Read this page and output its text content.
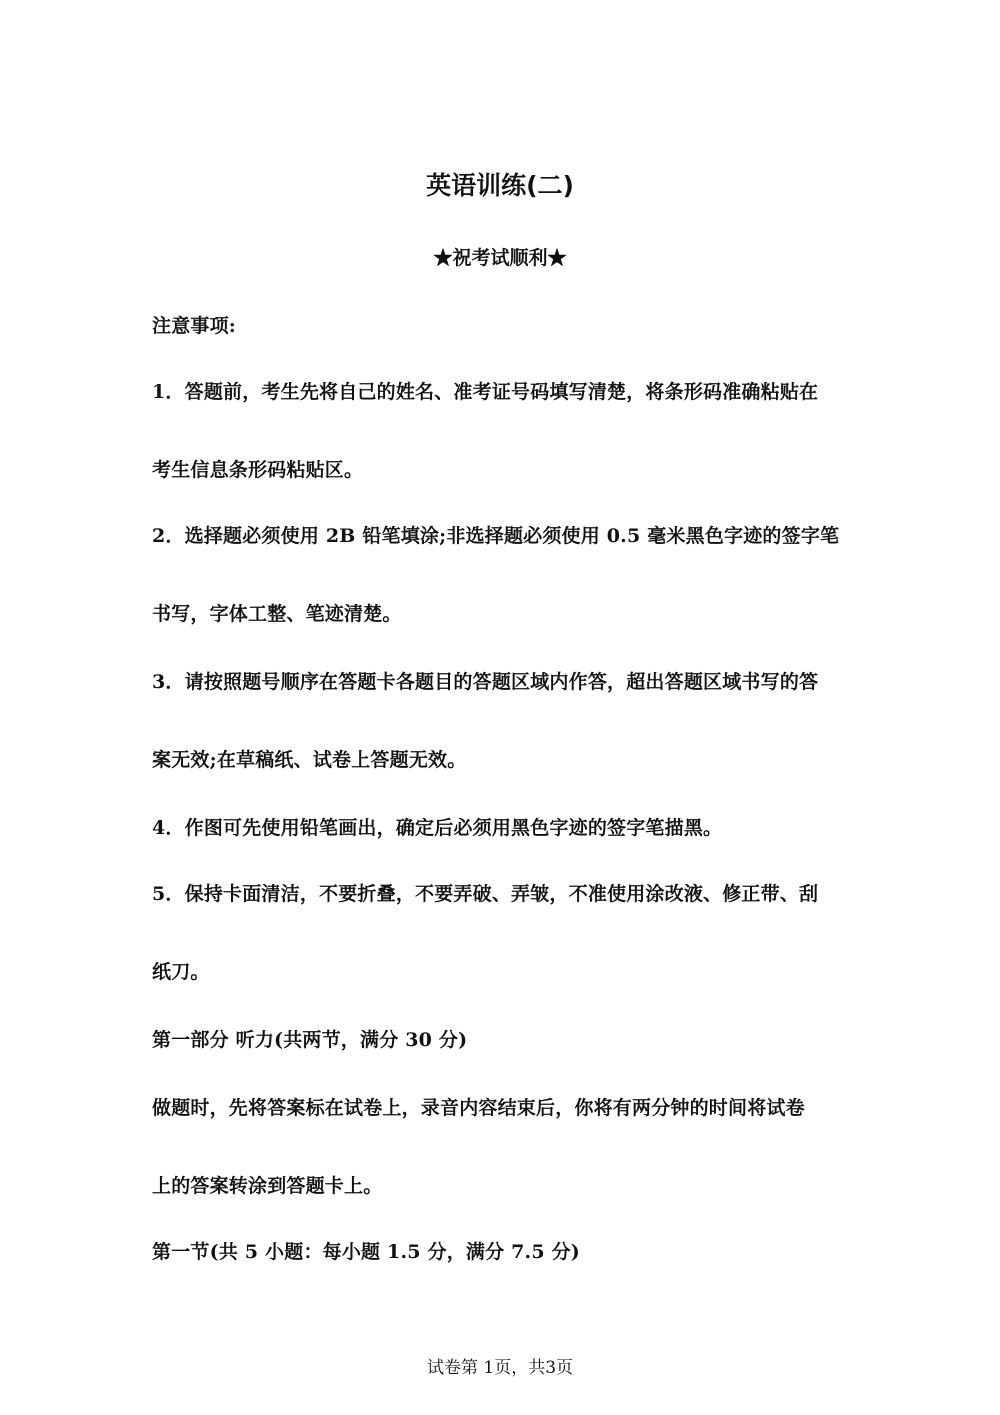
英语训练(二)
★祝考试顺利★
注意事项:
1．答题前，考生先将自己的姓名、准考证号码填写清楚，将条形码准确粘贴在
考生信息条形码粘贴区。
2．选择题必须使用 2B 铅笔填涂;非选择题必须使用 0.5 毫米黑色字迹的签字笔
书写，字体工整、笔迹清楚。
3．请按照题号顺序在答题卡各题目的答题区域内作答，超出答题区域书写的答
案无效;在草稿纸、试卷上答题无效。
4．作图可先使用铅笔画出，确定后必须用黑色字迹的签字笔描黑。
5．保持卡面清洁，不要折叠，不要弄破、弄皱，不准使用涂改液、修正带、刮
纸刀。
第一部分 听力(共两节，满分 30 分)
做题时，先将答案标在试卷上，录音内容结束后，你将有两分钟的时间将试卷
上的答案转涂到答题卡上。
第一节(共 5 小题：每小题 1.5 分，满分 7.5 分)
试卷第 1页，共3页
